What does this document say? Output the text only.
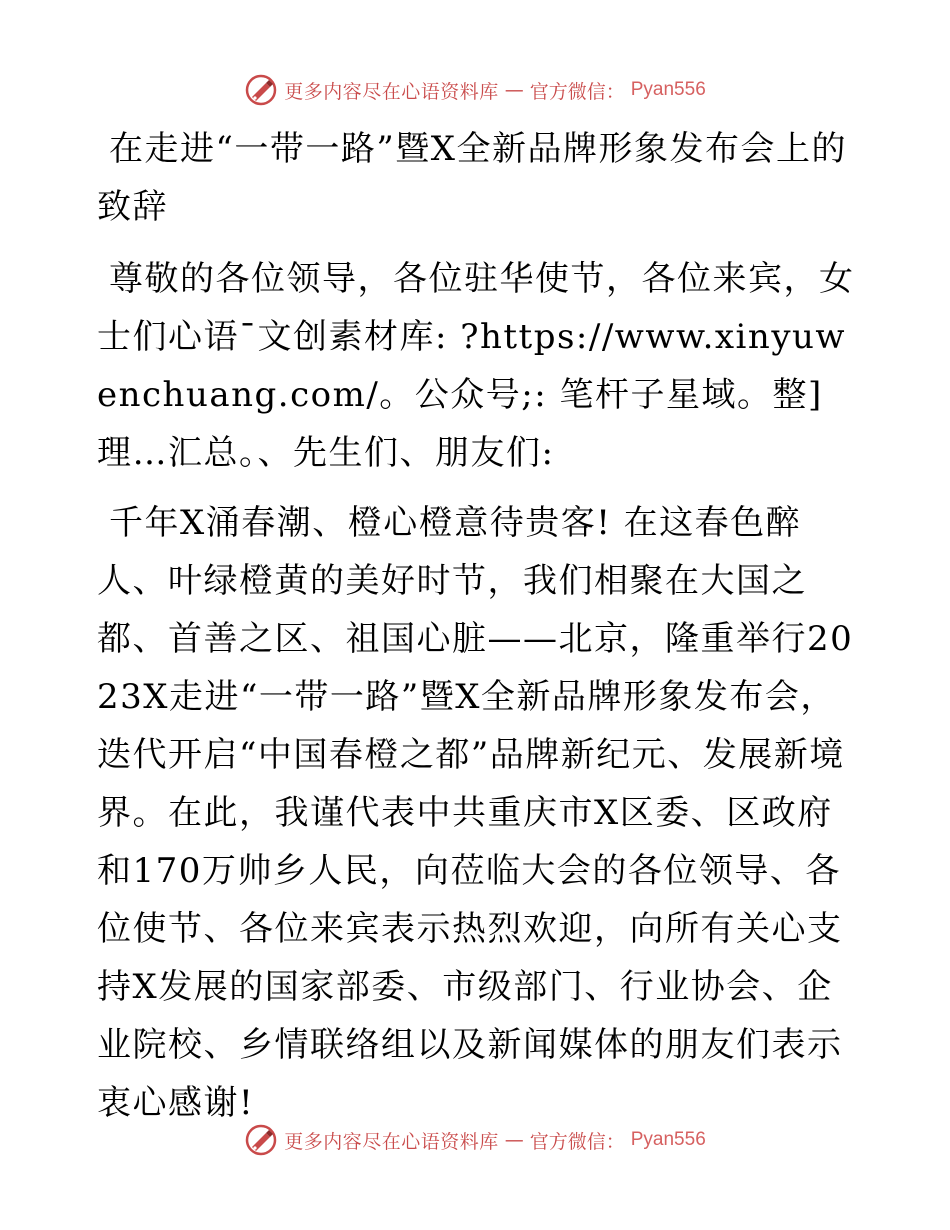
更多内容尽在心语资料库 — 官方微信： Pyan556

在走进“一带一路”暨X全新品牌形象发布会上的致辞

尊敬的各位领导，各位驻华使节，各位来宾，女士们心语¯文创素材库: ?https://www.xinyuwenchuang.com/。公众号;: 笔杆子星域。整]理…汇总。、先生们、朋友们:

千年X涌春潮、橙心橙意待贵客! 在这春色醉人、叶绿橙黄的美好时节，我们相聚在大国之都、首善之区、祖国心脏——北京，隆重举行2023X走进“一带一路”暨X全新品牌形象发布会，迭代开启“中国春橙之都”品牌新纪元、发展新境界。在此，我谨代表中共重庆市X区委、区政府和170万帅乡人民，向莅临大会的各位领导、各位使节、各位来宾表示热烈欢迎，向所有关心支持X发展的国家部委、市级部门、行业协会、企业院校、乡情联络组以及新闻媒体的朋友们表示衷心感谢!

更多内容尽在心语资料库 — 官方微信： Pyan556
